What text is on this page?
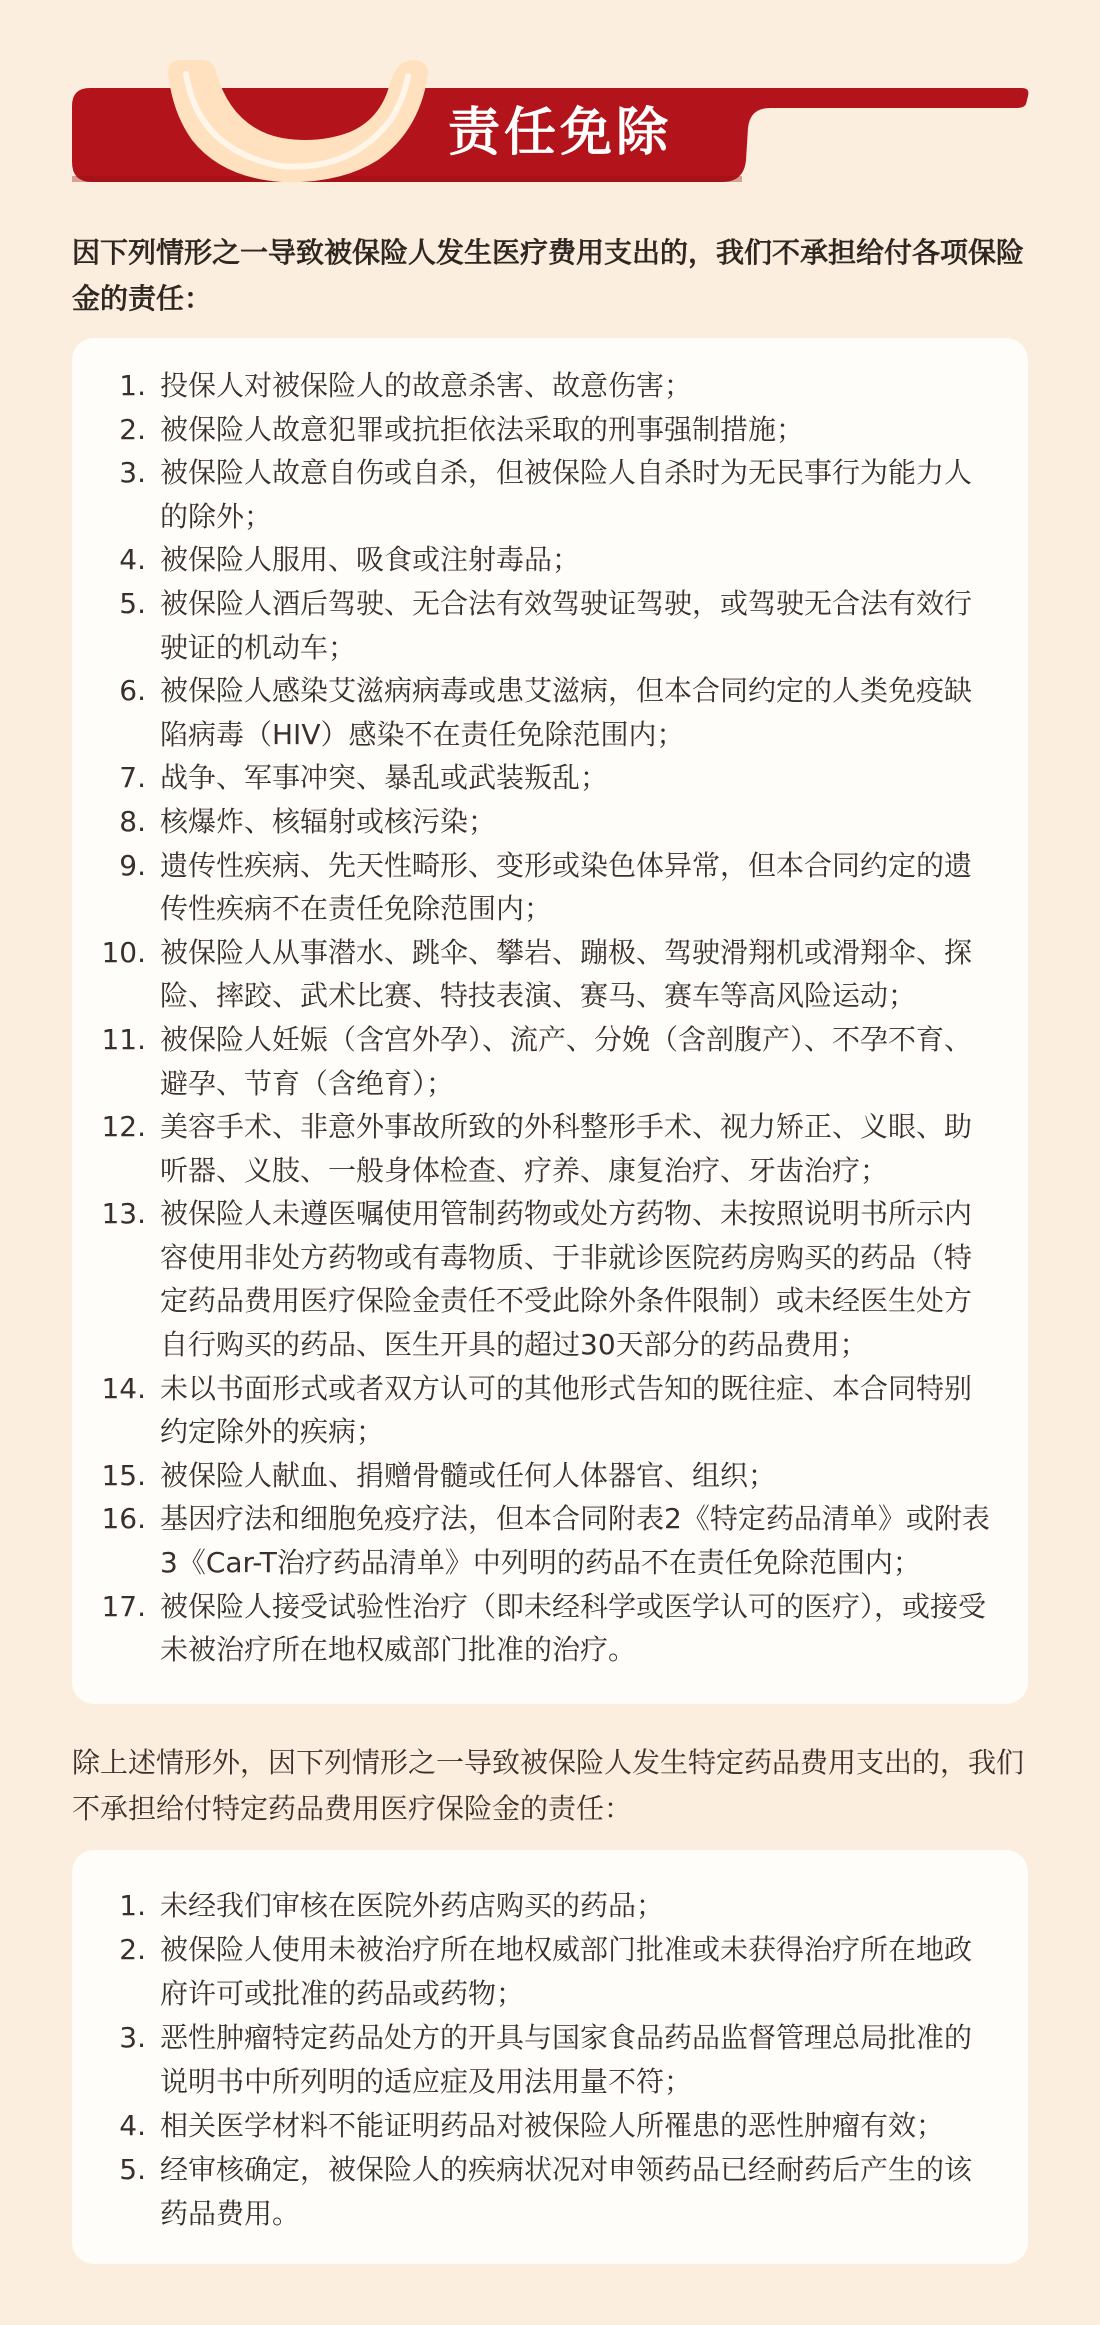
责任免除
因下列情形之一导致被保险人发生医疗费用支出的，我们不承担给付各项保险金的责任：
1. 投保人对被保险人的故意杀害、故意伤害；
2. 被保险人故意犯罪或抗拒依法采取的刑事强制措施；
3. 被保险人故意自伤或自杀，但被保险人自杀时为无民事行为能力人的除外；
4. 被保险人服用、吸食或注射毒品；
5. 被保险人酒后驾驶、无合法有效驾驶证驾驶，或驾驶无合法有效行驶证的机动车；
6. 被保险人感染艾滋病病毒或患艾滋病，但本合同约定的人类免疫缺陷病毒（HIV）感染不在责任免除范围内；
7. 战争、军事冲突、暴乱或武装叛乱；
8. 核爆炸、核辐射或核污染；
9. 遗传性疾病、先天性畸形、变形或染色体异常，但本合同约定的遗传性疾病不在责任免除范围内；
10. 被保险人从事潜水、跳伞、攀岩、蹦极、驾驶滑翔机或滑翔伞、探险、摔跤、武术比赛、特技表演、赛马、赛车等高风险运动；
11. 被保险人妊娠（含宫外孕）、流产、分娩（含剖腹产）、不孕不育、避孕、节育（含绝育）；
12. 美容手术、非意外事故所致的外科整形手术、视力矫正、义眼、助听器、义肢、一般身体检查、疗养、康复治疗、牙齿治疗；
13. 被保险人未遵医嘱使用管制药物或处方药物、未按照说明书所示内容使用非处方药物或有毒物质、于非就诊医院药房购买的药品（特定药品费用医疗保险金责任不受此除外条件限制）或未经医生处方自行购买的药品、医生开具的超过30天部分的药品费用；
14. 未以书面形式或者双方认可的其他形式告知的既往症、本合同特别约定除外的疾病；
15. 被保险人献血、捐赠骨髓或任何人体器官、组织；
16. 基因疗法和细胞免疫疗法，但本合同附表2《特定药品清单》或附表3《Car-T治疗药品清单》中列明的药品不在责任免除范围内；
17. 被保险人接受试验性治疗（即未经科学或医学认可的医疗），或接受未被治疗所在地权威部门批准的治疗。
除上述情形外，因下列情形之一导致被保险人发生特定药品费用支出的，我们不承担给付特定药品费用医疗保险金的责任：
1. 未经我们审核在医院外药店购买的药品；
2. 被保险人使用未被治疗所在地权威部门批准或未获得治疗所在地政府许可或批准的药品或药物；
3. 恶性肿瘤特定药品处方的开具与国家食品药品监督管理总局批准的说明书中所列明的适应症及用法用量不符；
4. 相关医学材料不能证明药品对被保险人所罹患的恶性肿瘤有效；
5. 经审核确定，被保险人的疾病状况对申领药品已经耐药后产生的该药品费用。
